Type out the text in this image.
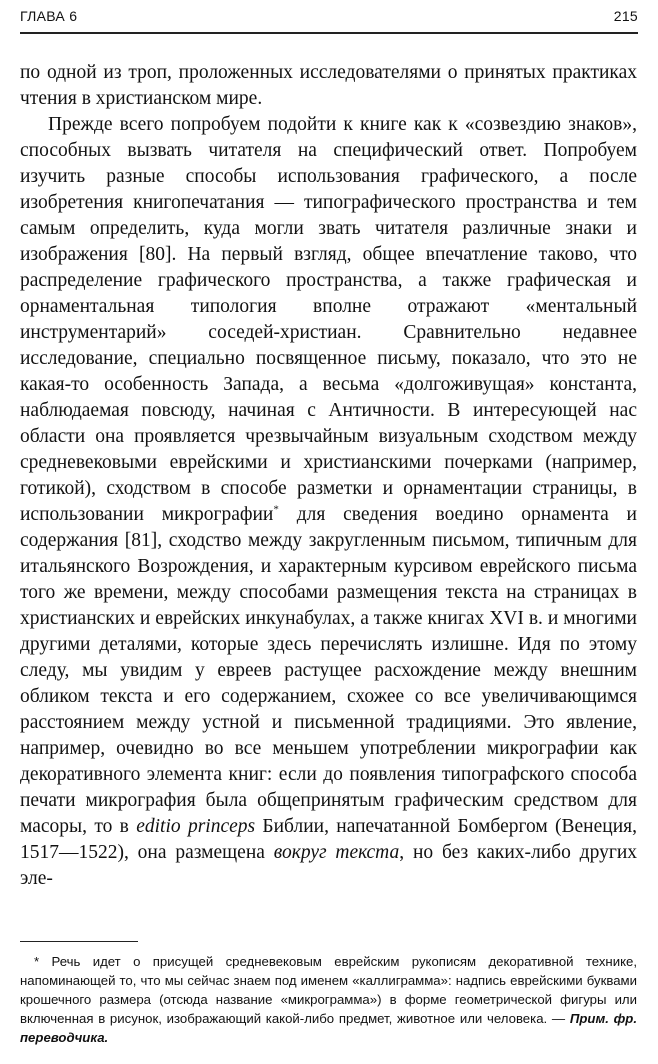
ГЛАВА 6	215

по одной из троп, проложенных исследователями о принятых практиках чтения в христианском мире.

Прежде всего попробуем подойти к книге как к «созвездию знаков», способных вызвать читателя на специфический ответ. Попробуем изучить разные способы использования графического, а после изобретения книгопечатания — типографического пространства и тем самым определить, куда могли звать читателя различные знаки и изображения [80]. На первый взгляд, общее впечатление таково, что распределение графического пространства, а также графическая и орнаментальная типология вполне отражают «ментальный инструментарий» соседей-христиан. Сравнительно недавнее исследование, специально посвященное письму, показало, что это не какая-то особенность Запада, а весьма «долгоживущая» константа, наблюдаемая повсюду, начиная с Античности. В интересующей нас области она проявляется чрезвычайным визуальным сходством между средневековыми еврейскими и христианскими почерками (например, готикой), сходством в способе разметки и орнаментации страницы, в использовании микрографии* для сведения воедино орнамента и содержания [81], сходство между закругленным письмом, типичным для итальянского Возрождения, и характерным курсивом еврейского письма того же времени, между способами размещения текста на страницах в христианских и еврейских инкунабулах, а также книгах XVI в. и многими другими деталями, которые здесь перечислять излишне. Идя по этому следу, мы увидим у евреев растущее расхождение между внешним обликом текста и его содержанием, схожее со все увеличивающимся расстоянием между устной и письменной традициями. Это явление, например, очевидно во все меньшем употреблении микрографии как декоративного элемента книг: если до появления типографского способа печати микрография была общепринятым графическим средством для масоры, то в editio princeps Библии, напечатанной Бомбергом (Венеция, 1517—1522), она размещена вокруг текста, но без каких-либо других эле-

* Речь идет о присущей средневековым еврейским рукописям декоративной технике, напоминающей то, что мы сейчас знаем под именем «каллиграмма»: надпись еврейскими буквами крошечного размера (отсюда название «микрограмма») в форме геометрической фигуры или включенная в рисунок, изображающий какой-либо предмет, животное или человека. — Прим. фр. переводчика.
